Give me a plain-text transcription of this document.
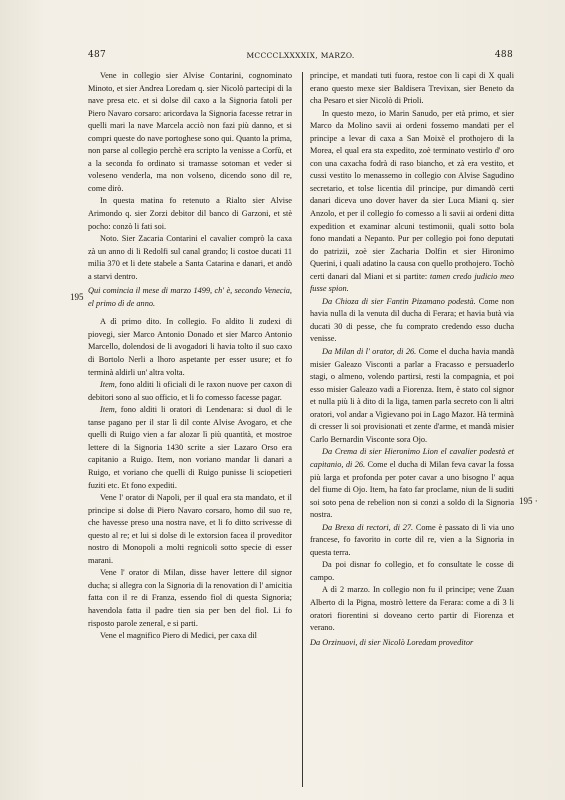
487	MCCCCLXXXXIX, MARZO.	488
195
195 ·

Vene in collegio sier Alvise Contarini, cognominato Minoto, et sier Andrea Loredam q. sier Nicolò partecipi di la nave presa etc. et si dolse dil caxo a la Signoria fatoli per Piero Navaro corsaro: aricordava la Signoria facesse retrar in quelli mari la nave Marcela acciò non fazi più danno, et si compri queste do nave portoghese sono qui. Quanto la prima, non parse al collegio perchè era scripto la venisse a Corfù, et a la seconda fo ordinato si tramasse sotoman et veder si voleseno venderla, ma non volseno, dicendo sono dil re, come dirò.

In questa matina fo retenuto a Rialto sier Alvise Arimondo q. sier Zorzi debitor dil banco di Garzoni, et stè pocho: conzò li fati soi.

Noto. Sier Zacaria Contarini el cavalier comprò la caxa zà un anno di li Redolfi sul canal grando; li costoe ducati 11 milia 370 et li dete stabele a Santa Catarina e danari, et andò a starvi dentro.

Qui comincia il mese di marzo 1499, ch' è, secondo Venecia, el primo dì de anno.

A dì primo dito. In collegio. Fo aldito li zudexi di piovegi, sier Marco Antonio Donado et sier Marco Antonio Marcello, dolendosi de li avogadori li havia tolto il suo caxo di Bortolo Nerli a lhoro aspetante per esser usure; et fo terminà aldirli un' altra volta.

Item, fono alditi li oficiali di le raxon nuove per caxon di debitori sono al suo officio, et li fo comesso facesse pagar.

Item, fono alditi li oratori di Lendenara: si duol di le tanse pagano per il star lì dil conte Alvise Avogaro, et che quelli di Ruigo vien a far alozar lì più quantità, et mostroe lettere di la Signoria 1430 scrite a sier Lazaro Orso era capitanio a Ruigo. Item, non voriano mandar li danari a Ruigo, et voriano che quelli di Ruigo punisse li sciopetieri fuziti etc. Et fono expediti.

Vene l' orator di Napoli, per il qual era sta mandato, et il principe si dolse di Piero Navaro corsaro, homo dil suo re, che havesse preso una nostra nave, et li fo ditto scrivesse di questo al re; et lui si dolse di le extorsion facea il proveditor nostro di Monopoli a molti regnicoli sotto specie di esser marani.

Vene l' orator di Milan, disse haver lettere dil signor ducha; si allegra con la Signoria di la renovation di l' amicitia fatta con il re di Franza, essendo fiol di questa Signoria; havendola fatta il padre tien sia per ben del fiol. Li fo risposto parole zeneral, e si parti.

Vene el magnifico Piero di Medici, per caxa dil

principe, et mandati tuti fuora, restoe con li capi di X quali erano questo mexe sier Baldisera Trevixan, sier Beneto da cha Pesaro et sier Nicolò di Prioli.

In questo mezo, io Marin Sanudo, per età primo, et sier Marco da Molino savii ai ordeni fossemo mandati per el principe a levar di caxa a San Moixè el prothojero di la Morea, el qual era sta expedito, zoè terminato vestirlo d' oro con una caxacha fodrà di raso biancho, et zà era vestito, et cussi vestito lo menassemo in collegio con Alvise Sagudino secretario, et tolse licentia dil principe, pur dimandò certi danari diceva uno dover haver da sier Luca Miani q. sier Anzolo, et per il collegio fo comesso a li savii ai ordeni ditta expedition et examinar alcuni testimonii, quali sotto bola fono mandati a Nepanto. Pur per collegio poi fono deputati do patrizii, zoè sier Zacharia Dolfin et sier Hironimo Querini, i quali adatino la causa con quello prothojero. Tochò certi danari dal Miani et si partite: tamen credo judicio meo fusse spion.

Da Chioza di sier Fantin Pizamano podestà. Come non havia nulla di la venuta dil ducha di Ferara; et havia butà via ducati 30 di pesse, che fu comprato credendo esso ducha venisse.

Da Milan di l' orator, di 26. Come el ducha havia mandà misier Galeazo Visconti a parlar a Fracasso e persuaderlo stagi, o almeno, volendo partirsi, resti la compagnia, et poi esso misier Galeazo vadi a Fiorenza. Item, è stato col signor et nulla più li à dito di la liga, tamen parla secreto con li altri oratori, vol andar a Vigievano poi in Lago Mazor. Hà terminà di cresser li soi provisionati et zente d'arme, et mandà misier Carlo Bernardin Visconte sora Ojo.

Da Crema di sier Hieronimo Lion el cavalier podestà et capitanio, di 26. Come el ducha di Milan feva cavar la fossa più larga et profonda per poter cavar a uno bisogno l' aqua del fiume di Ojo. Item, ha fato far proclame, niun de li suditi soi soto pena de rebelion non si conzi a soldo di la Signoria nostra.

Da Brexa di rectori, di 27. Come è passato di lì via uno francese, fo favorito in corte dil re, vien a la Signoria in questa terra.

Da poi disnar fo collegio, et fo consultate le cosse di campo.

A dì 2 marzo. In collegio non fu il principe; vene Zuan Alberto di la Pigna, mostrò lettere da Ferara: come a dì 3 li oratori fiorentini si doveano certo partir di Fiorenza et verano.

Da Orzinuovi, di sier Nicolò Loredam proveditor
